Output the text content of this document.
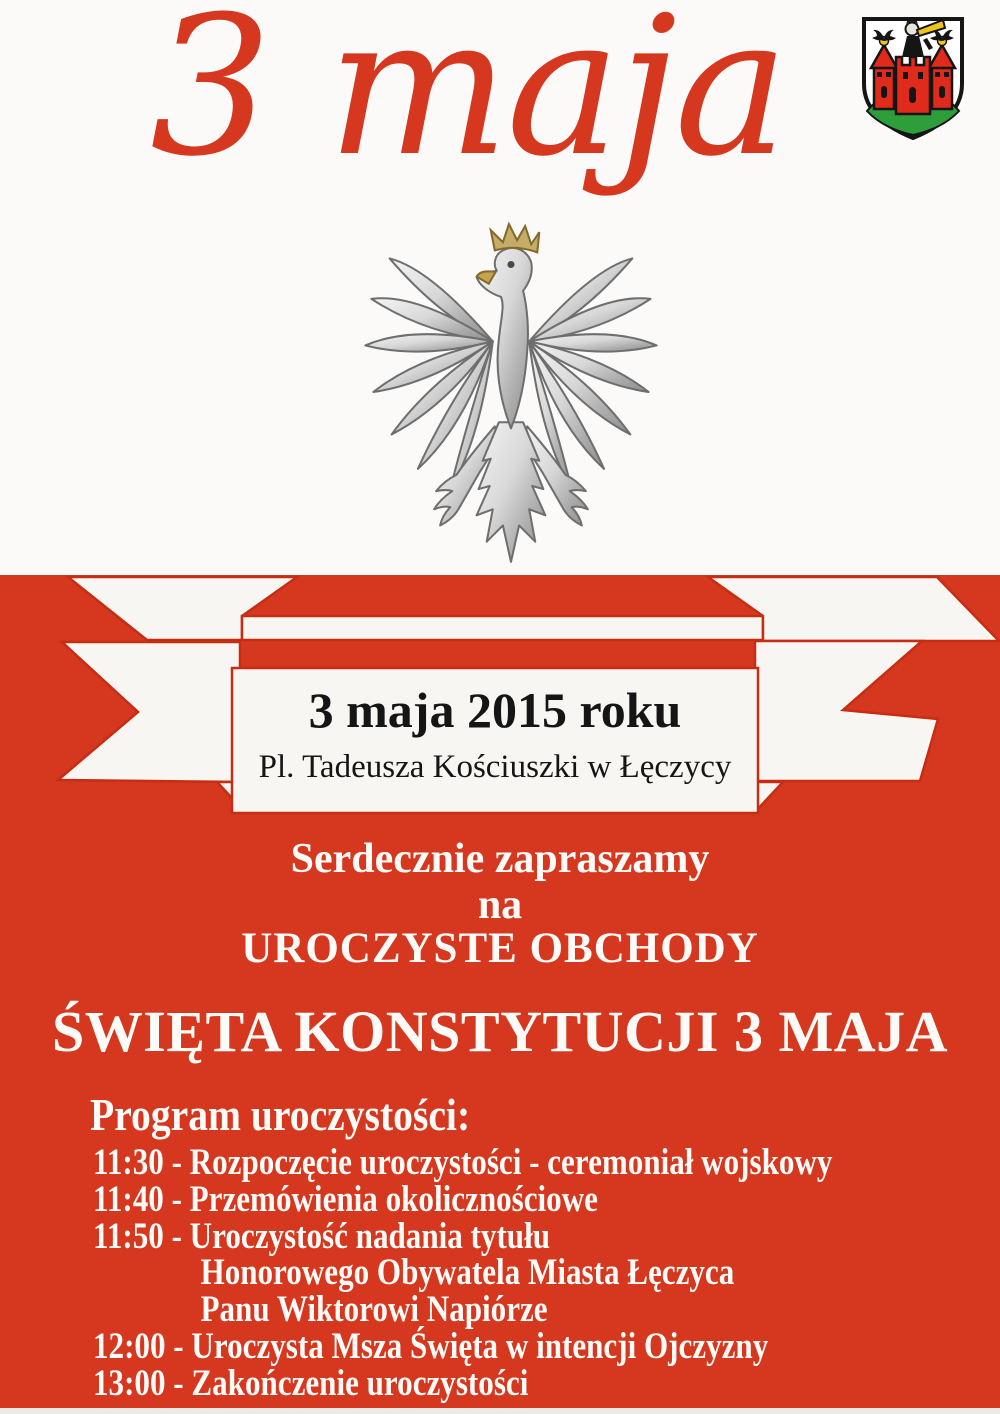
3 maja
3 maja 2015 roku
Pl. Tadeusza Kościuszki w Łęczycy
Serdecznie zapraszamy
na
UROCZYSTE OBCHODY
ŚWIĘTA KONSTYTUCJI 3 MAJA
Program uroczystości:
11:30 - Rozpoczęcie uroczystości - ceremoniał wojskowy
11:40 - Przemówienia okolicznościowe
11:50 - Uroczystość nadania tytułu
Honorowego Obywatela Miasta Łęczyca
Panu Wiktorowi Napiórze
12:00 - Uroczysta Msza Święta w intencji Ojczyzny
13:00 - Zakończenie uroczystości
